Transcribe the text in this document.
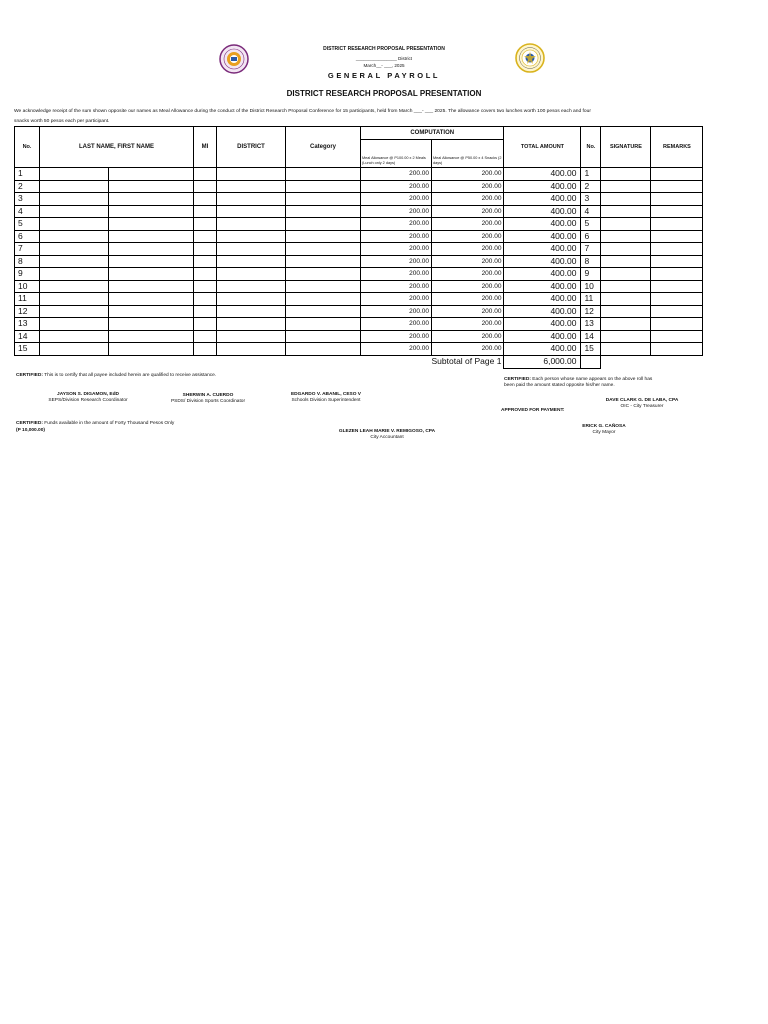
DISTRICT RESEARCH PROPOSAL PRESENTATION
________________ District
March__- ___, 2025
GENERAL PAYROLL
DISTRICT RESEARCH PROPOSAL PRESENTATION
We acknowledge receipt of the sum shown opposite our names as Meal Allowance during the conduct of the District Research Proposal Conference for 15 participants, held from March ___- ___ 2025. The allowance covers two lunches worth 100 pesos each and four snacks worth 50 pesos each per participant.
No.	LAST NAME, FIRST NAME		MI	DISTRICT	Category	COMPUTATION		TOTAL AMOUNT	No.	SIGNATURE	REMARKS
						Meal Allowance @ P100.00 x 2 Meals (Lunch only 2 days)	Meal Allowance @ P50.00 x 4 Snacks (2 days)				
1						200.00	200.00	400.00	1		
2						200.00	200.00	400.00	2		
3						200.00	200.00	400.00	3		
4						200.00	200.00	400.00	4		
5						200.00	200.00	400.00	5		
6						200.00	200.00	400.00	6		
7						200.00	200.00	400.00	7		
8						200.00	200.00	400.00	8		
9						200.00	200.00	400.00	9		
10						200.00	200.00	400.00	10		
11						200.00	200.00	400.00	11		
12						200.00	200.00	400.00	12		
13						200.00	200.00	400.00	13		
14						200.00	200.00	400.00	14		
15						200.00	200.00	400.00	15		
							Subtotal of Page 1	6,000.00			
CERTIFIED: This is to certify that all payee included herein are qualified to receive assistance.
CERTIFIED: Each person whose name appears on the above roll has been paid the amount stated opposite his/her name.
JAYSON S. DIGAMON, EdD
SEPS/Division Research Coordinator
SHERWIN A. CUERDO
PSDS/ Division Sports Coordinator
EDGARDO V. ABANIL, CESO V
Schools Division Superintendent	DAVE CLARK G. DE LABA, CPA
OIC - City Treasurer
APPROVED FOR PAYMENT:
CERTIFIED: Funds available in the amount of Forty Thousand Pesos Only
(P 10,000.00)	GLEZEN LEAH MARIE V. REMIGOSO, CPA
City Accountant
ERICK G. CAÑOSA
City Mayor
